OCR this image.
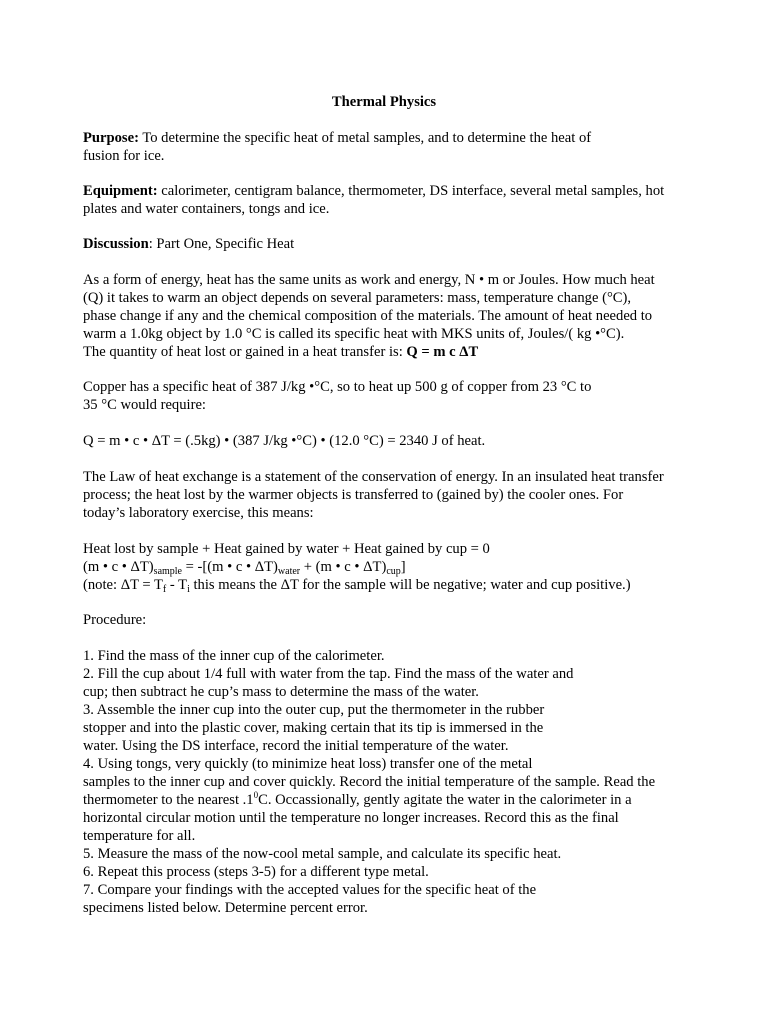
Thermal Physics
Purpose: To determine the specific heat of metal samples, and to determine the heat of
fusion for ice.
Equipment: calorimeter, centigram balance, thermometer, DS interface, several metal samples, hot
plates and water containers, tongs and ice.
Discussion: Part One, Specific Heat
As a form of energy, heat has the same units as work and energy, N • m or Joules. How much heat
(Q) it takes to warm an object depends on several parameters: mass, temperature change (°C),
phase change if any and the chemical composition of the materials. The amount of heat needed to
warm a 1.0kg object by 1.0 °C is called its specific heat with MKS units of, Joules/( kg •°C).
The quantity of heat lost or gained in a heat transfer is: Q = m c ΔT
Copper has a specific heat of 387 J/kg •°C, so to heat up 500 g of copper from 23 °C to
35 °C would require:
Q = m • c • ΔT = (.5kg) • (387 J/kg •°C) • (12.0 °C) = 2340 J of heat.
The Law of heat exchange is a statement of the conservation of energy. In an insulated heat transfer
process; the heat lost by the warmer objects is transferred to (gained by) the cooler ones. For
today’s laboratory exercise, this means:
Heat lost by sample + Heat gained by water + Heat gained by cup = 0
(m • c • $\Delta T)_{sample} = -[(m$ • c • $\Delta T)_{water} + (m$ • c • $\Delta T)_{cup}$]
(note: $\Delta T = T_f - T_i$ this means the ΔT for the sample will be negative; water and cup positive.)
Procedure:
1. Find the mass of the inner cup of the calorimeter.
2. Fill the cup about 1/4 full with water from the tap. Find the mass of the water and
cup; then subtract he cup’s mass to determine the mass of the water.
3. Assemble the inner cup into the outer cup, put the thermometer in the rubber
stopper and into the plastic cover, making certain that its tip is immersed in the
water. Using the DS interface, record the initial temperature of the water.
4. Using tongs, very quickly (to minimize heat loss) transfer one of the metal
samples to the inner cup and cover quickly. Record the initial temperature of the sample. Read the
thermometer to the nearest $.1^0C$. Occassionally, gently agitate the water in the calorimeter in a
horizontal circular motion until the temperature no longer increases. Record this as the final
temperature for all.
5. Measure the mass of the now-cool metal sample, and calculate its specific heat.
6. Repeat this process (steps 3-5) for a different type metal.
7. Compare your findings with the accepted values for the specific heat of the
specimens listed below. Determine percent error.
